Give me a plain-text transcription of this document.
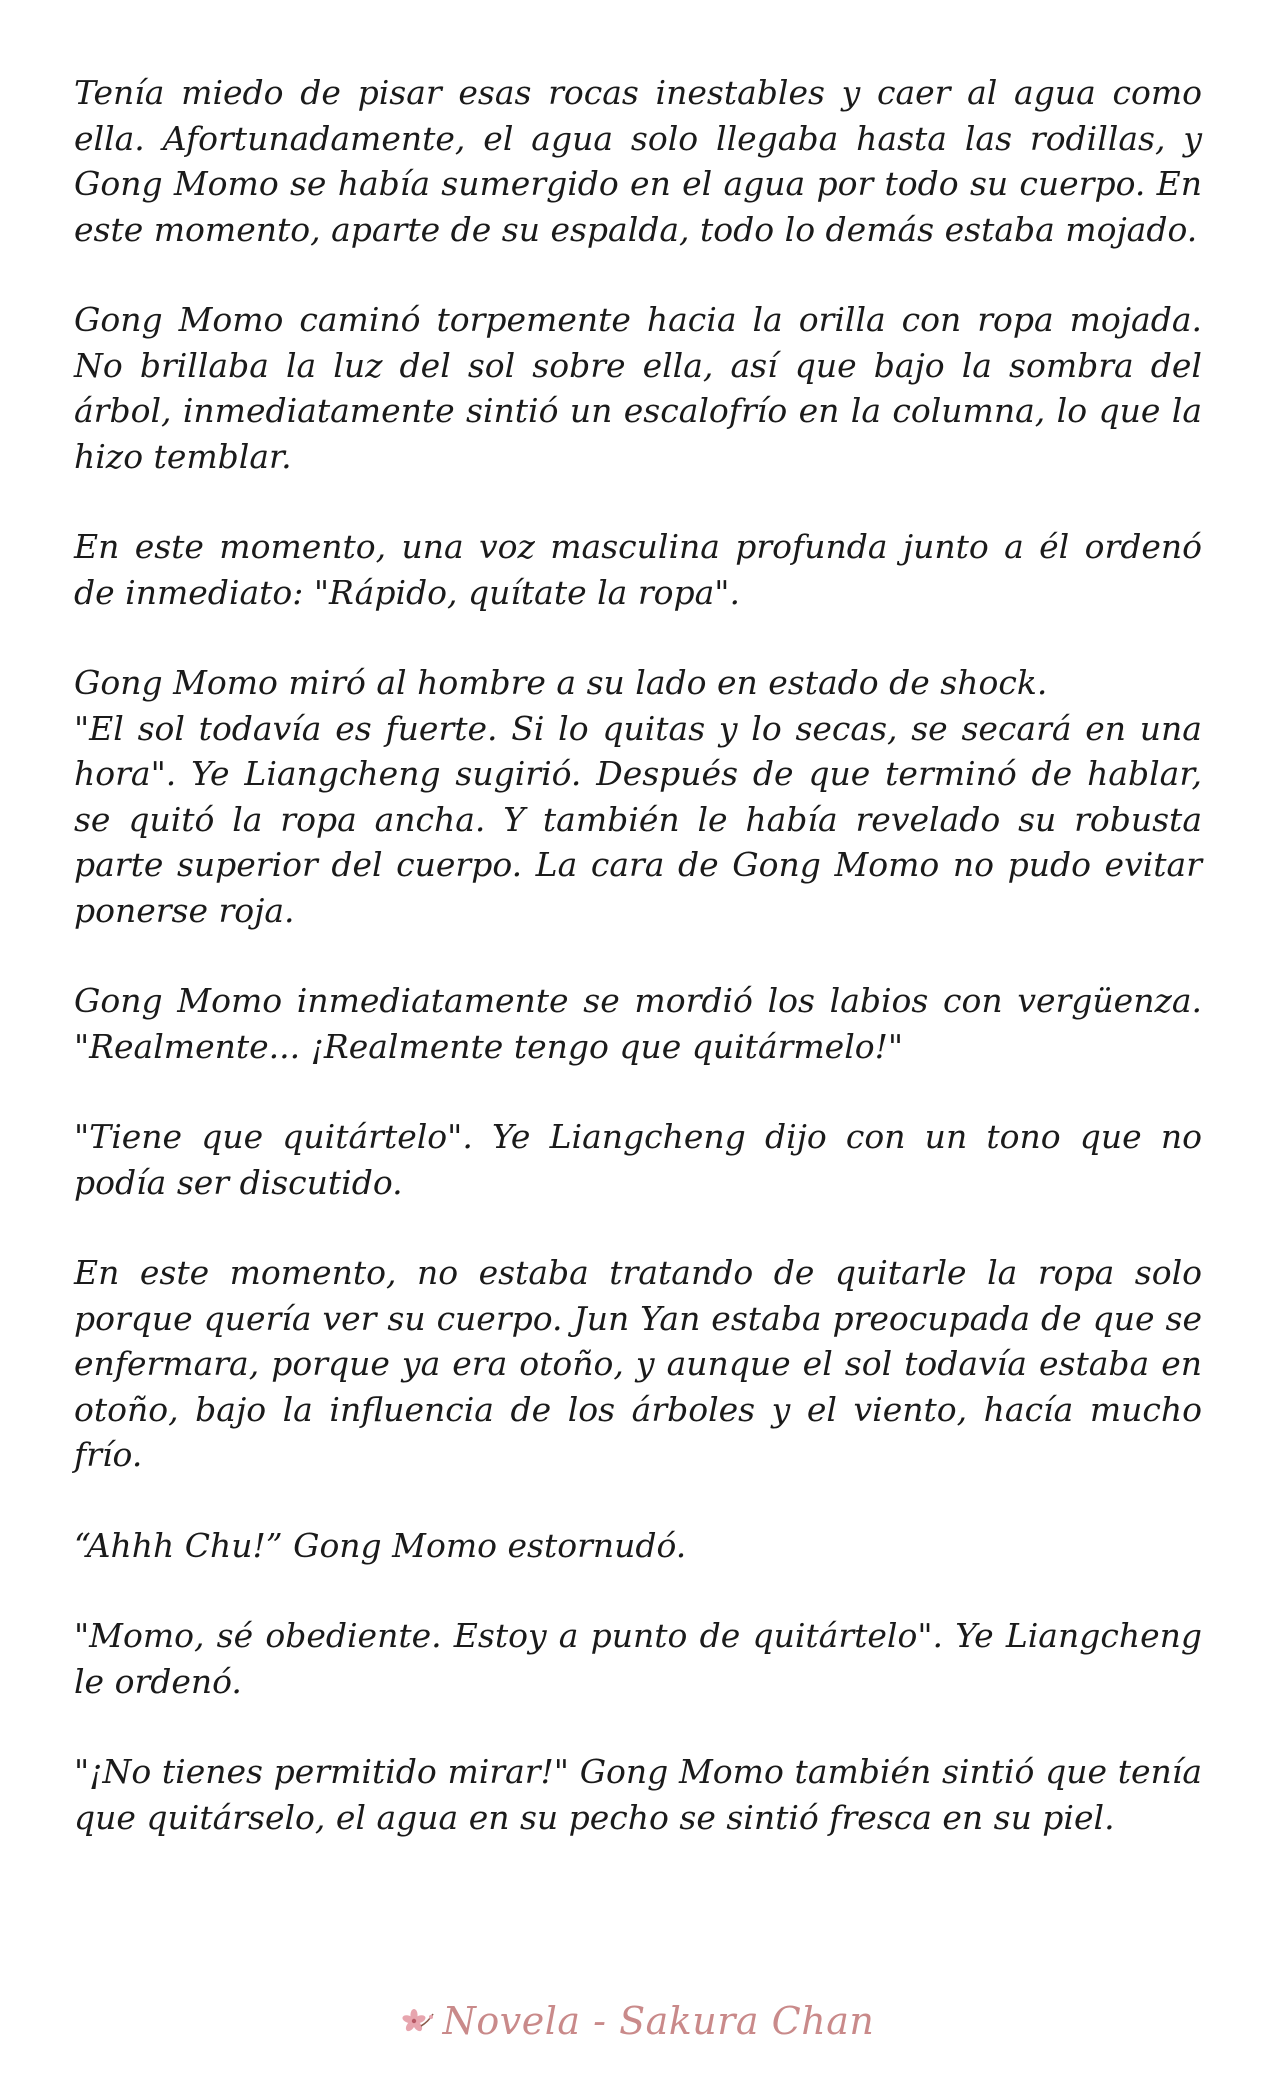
Tenía miedo de pisar esas rocas inestables y caer al agua como ella. Afortunadamente, el agua solo llegaba hasta las rodillas, y Gong Momo se había sumergido en el agua por todo su cuerpo. En este momento, aparte de su espalda, todo lo demás estaba mojado.

Gong Momo caminó torpemente hacia la orilla con ropa mojada. No brillaba la luz del sol sobre ella, así que bajo la sombra del árbol, inmediatamente sintió un escalofrío en la columna, lo que la hizo temblar.

En este momento, una voz masculina profunda junto a él ordenó de inmediato: "Rápido, quítate la ropa".

Gong Momo miró al hombre a su lado en estado de shock.

"El sol todavía es fuerte. Si lo quitas y lo secas, se secará en una hora". Ye Liangcheng sugirió. Después de que terminó de hablar, se quitó la ropa ancha. Y también le había revelado su robusta parte superior del cuerpo. La cara de Gong Momo no pudo evitar ponerse roja.

Gong Momo inmediatamente se mordió los labios con vergüenza. "Realmente... ¡Realmente tengo que quitármelo!"

"Tiene que quitártelo". Ye Liangcheng dijo con un tono que no podía ser discutido.

En este momento, no estaba tratando de quitarle la ropa solo porque quería ver su cuerpo. Jun Yan estaba preocupada de que se enfermara, porque ya era otoño, y aunque el sol todavía estaba en otoño, bajo la influencia de los árboles y el viento, hacía mucho frío.

“Ahhh Chu!” Gong Momo estornudó.

"Momo, sé obediente. Estoy a punto de quitártelo". Ye Liangcheng le ordenó.

"¡No tienes permitido mirar!" Gong Momo también sintió que tenía que quitárselo, el agua en su pecho se sintió fresca en su piel.

Novela - Sakura Chan
